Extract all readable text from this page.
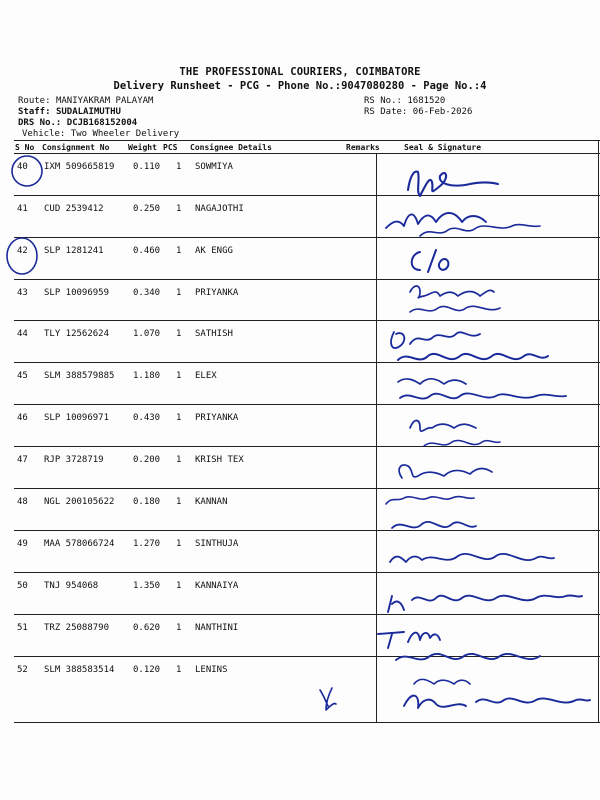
THE PROFESSIONAL COURIERS, COIMBATORE
Delivery Runsheet - PCG - Phone No.:9047080280 - Page No.:4
Route: MANIYAKRAM PALAYAM
Staff: SUDALAIMUTHU
DRS No.: DCJB168152004
Vehicle: Two Wheeler Delivery
RS No.: 1681520
RS Date: 06-Feb-2026
S No Consignment No Weight PCS Consignee Details	Remarks	Seal & Signature
40 IXM 509665819 0.110 1 SOWMIYA
41 CUD 2539412	0.250 1 NAGAJOTHI
42 SLP 1281241	0.460 1 AK ENGG
43 SLP 10096959	0.340 1 PRIYANKA
44 TLY 12562624	1.070 1 SATHISH
45 SLM 388579885 1.180 1 ELEX
46 SLP 10096971	0.430 1 PRIYANKA
47 RJP 3728719	0.200 1 KRISH TEX
48 NGL 200105622 0.180 1 KANNAN
49 MAA 578066724 1.270 1 SINTHUJA
50 TNJ 954068	1.350 1 KANNAIYA
51 TRZ 25088790	0.620 1 NANTHINI
52 SLM 388583514 0.120 1 LENINS
